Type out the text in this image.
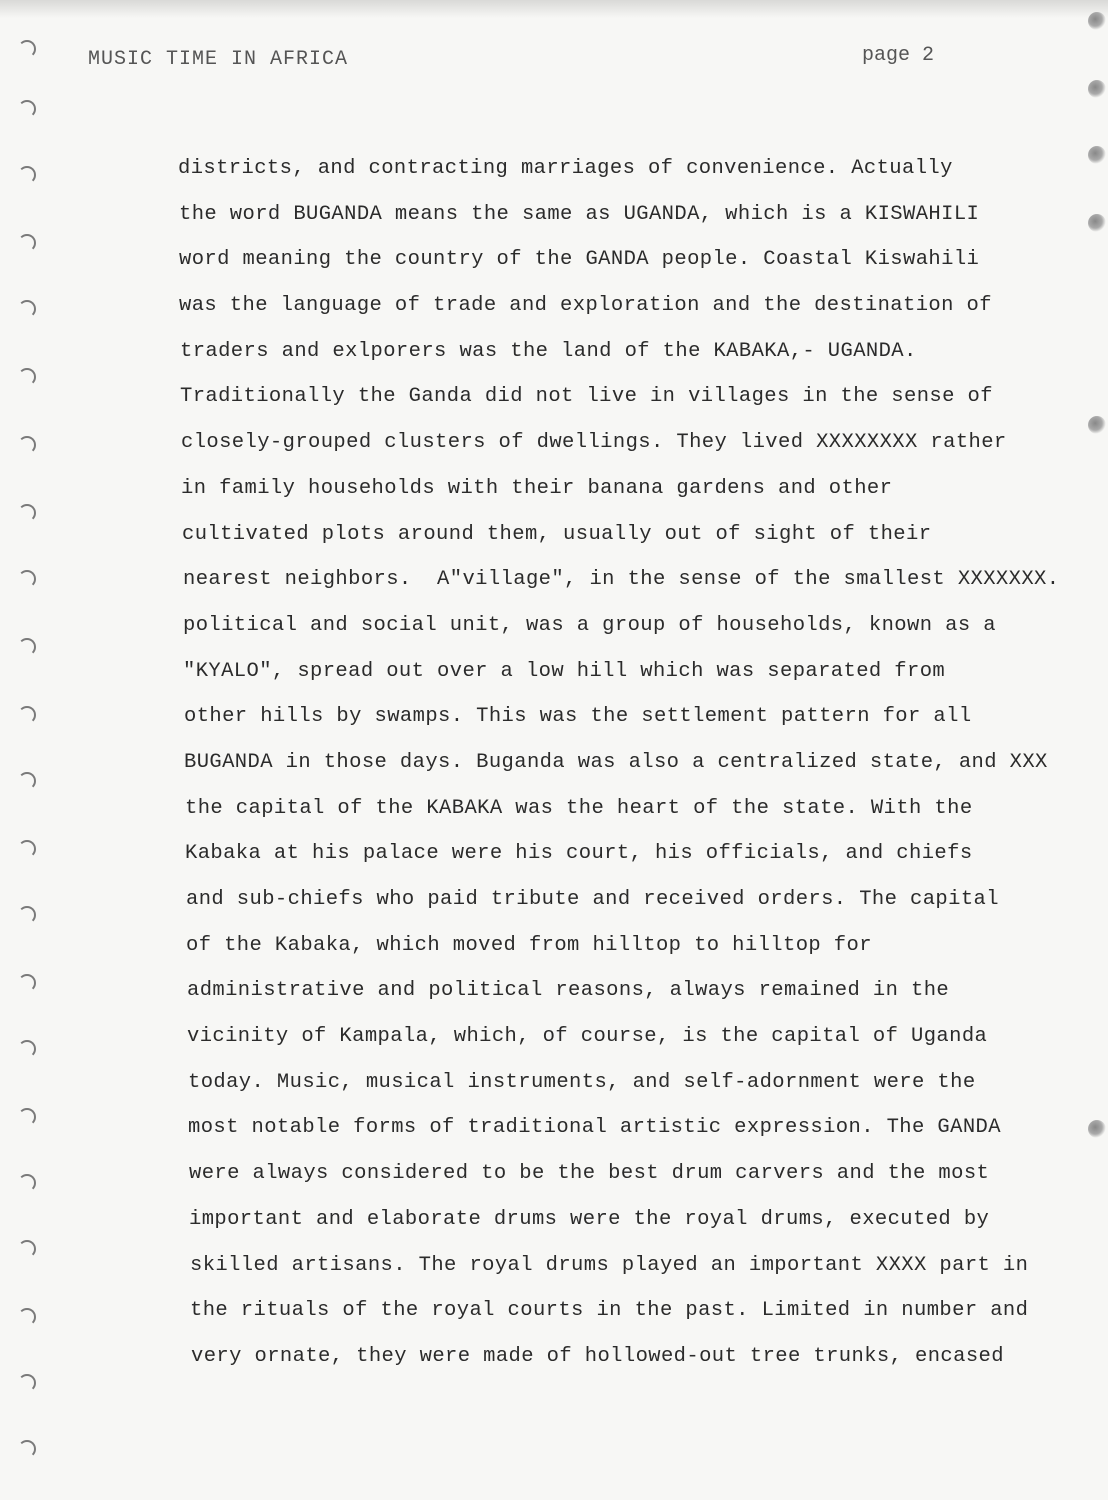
MUSIC TIME IN AFRICA	page 2
districts, and contracting marriages of convenience. Actually
the word BUGANDA means the same as UGANDA, which is a KISWAHILI
word meaning the country of the GANDA people. Coastal Kiswahili
was the language of trade and exploration and the destination of
traders and exlporers was the land of the KABAKA,- UGANDA.
Traditionally the Ganda did not live in villages in the sense of
closely-grouped clusters of dwellings. They lived XXXXXXXX rather
in family households with their banana gardens and other
cultivated plots around them, usually out of sight of their
nearest neighbors.  A"village", in the sense of the smallest XXXXXXX.
political and social unit, was a group of households, known as a
"KYALO", spread out over a low hill which was separated from
other hills by swamps. This was the settlement pattern for all
BUGANDA in those days. Buganda was also a centralized state, and XXX
the capital of the KABAKA was the heart of the state. With the
Kabaka at his palace were his court, his officials, and chiefs
and sub-chiefs who paid tribute and received orders. The capital
of the Kabaka, which moved from hilltop to hilltop for
administrative and political reasons, always remained in the
vicinity of Kampala, which, of course, is the capital of Uganda
today. Music, musical instruments, and self-adornment were the
most notable forms of traditional artistic expression. The GANDA
were always considered to be the best drum carvers and the most
important and elaborate drums were the royal drums, executed by
skilled artisans. The royal drums played an important XXXX part in
the rituals of the royal courts in the past. Limited in number and
very ornate, they were made of hollowed-out tree trunks, encased
